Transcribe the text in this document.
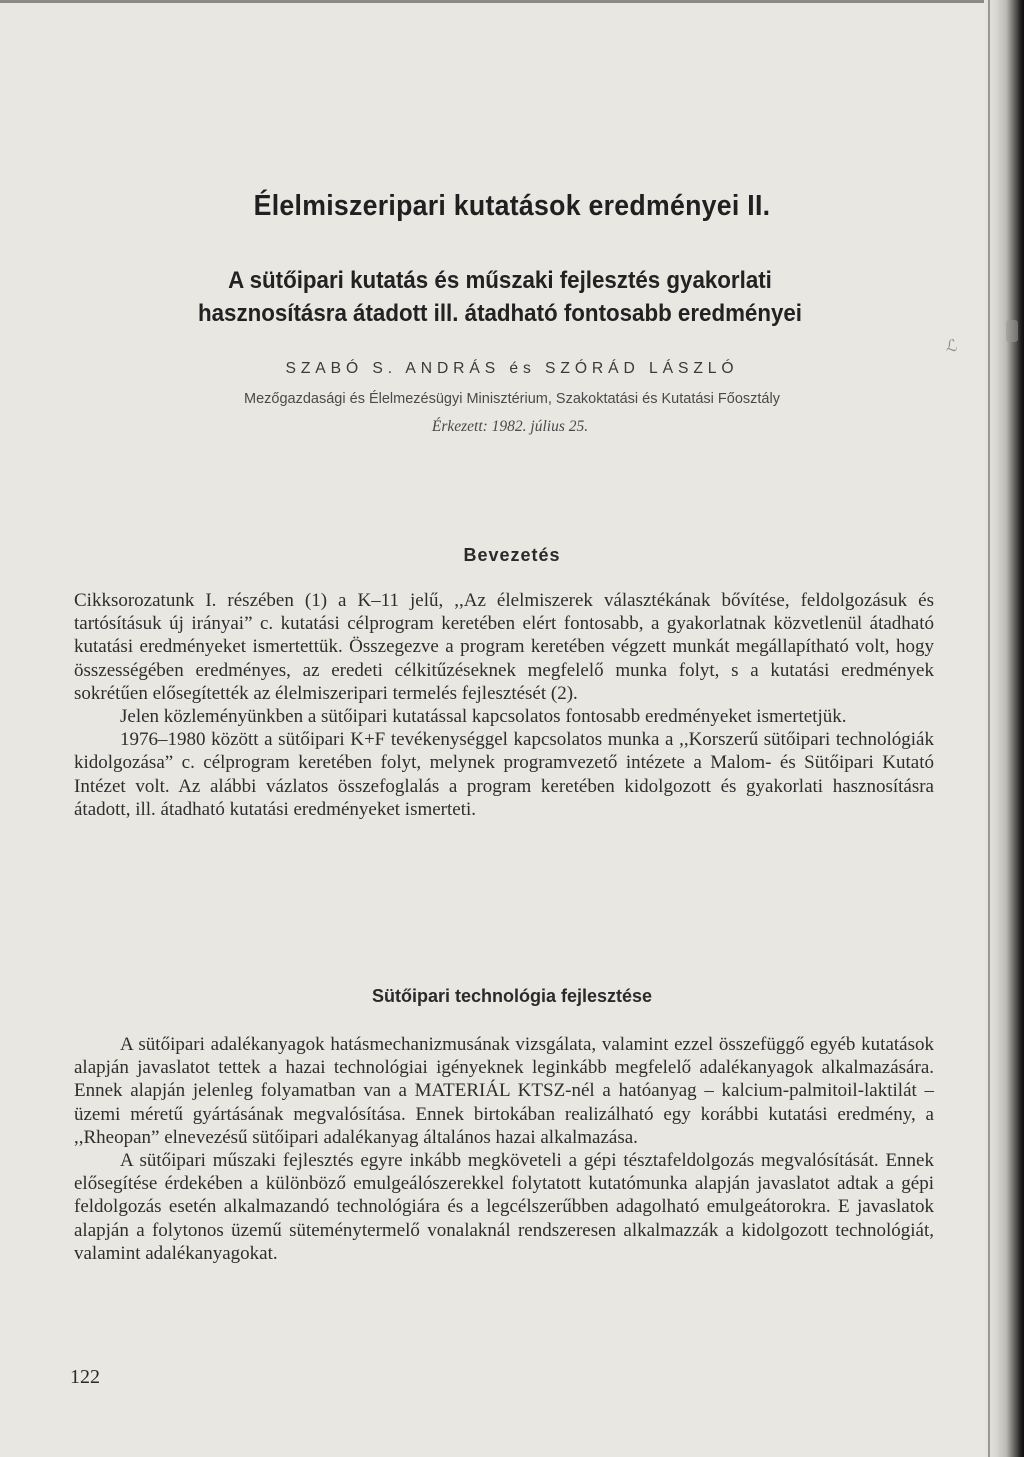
ℒ
Élelmiszeripari kutatások eredményei II.
A sütőipari kutatás és műszaki fejlesztés gyakorlati
hasznosításra átadott ill. átadható fontosabb eredményei
SZABÓ S. ANDRÁS és SZÓRÁD LÁSZLÓ
Mezőgazdasági és Élelmezésügyi Minisztérium, Szakoktatási és Kutatási Főosztály
Érkezett: 1982. július 25.
Bevezetés

Cikksorozatunk I. részében (1) a K–11 jelű, ,,Az élelmiszerek választékának bővítése, feldolgozásuk és tartósításuk új irányai” c. kutatási célprogram keretében elért fontosabb, a gyakorlatnak közvetlenül átadható kutatási eredményeket ismertettük. Összegezve a program keretében végzett munkát megállapítható volt, hogy összességében eredményes, az eredeti célkitűzéseknek megfelelő munka folyt, s a kutatási eredmények sokrétűen elősegítették az élelmiszeripari termelés fejlesztését (2).

Jelen közleményünkben a sütőipari kutatással kapcsolatos fontosabb eredményeket ismertetjük.

1976–1980 között a sütőipari K+F tevékenységgel kapcsolatos munka a ,,Korszerű sütőipari technológiák kidolgozása” c. célprogram keretében folyt, melynek programvezető intézete a Malom- és Sütőipari Kutató Intézet volt. Az alábbi vázlatos összefoglalás a program keretében kidolgozott és gyakorlati hasznosításra átadott, ill. átadható kutatási eredményeket ismerteti.

Sütőipari technológia fejlesztése

A sütőipari adalékanyagok hatásmechanizmusának vizsgálata, valamint ezzel összefüggő egyéb kutatások alapján javaslatot tettek a hazai technológiai igényeknek leginkább megfelelő adalékanyagok alkalmazására. Ennek alapján jelenleg folyamatban van a MATERIÁL KTSZ-nél a hatóanyag – kalcium-palmitoil-laktilát – üzemi méretű gyártásának megvalósítása. Ennek birtokában realizálható egy korábbi kutatási eredmény, a ,,Rheopan” elnevezésű sütőipari adalékanyag általános hazai alkalmazása.

A sütőipari műszaki fejlesztés egyre inkább megköveteli a gépi tésztafeldolgozás megvalósítását. Ennek elősegítése érdekében a különböző emulgeálószerekkel folytatott kutatómunka alapján javaslatot adtak a gépi feldolgozás esetén alkalmazandó technológiára és a legcélszerűbben adagolható emulgeátorokra. E javaslatok alapján a folytonos üzemű süteménytermelő vonalaknál rendszeresen alkalmazzák a kidolgozott technológiát, valamint adalékanyagokat.

122
